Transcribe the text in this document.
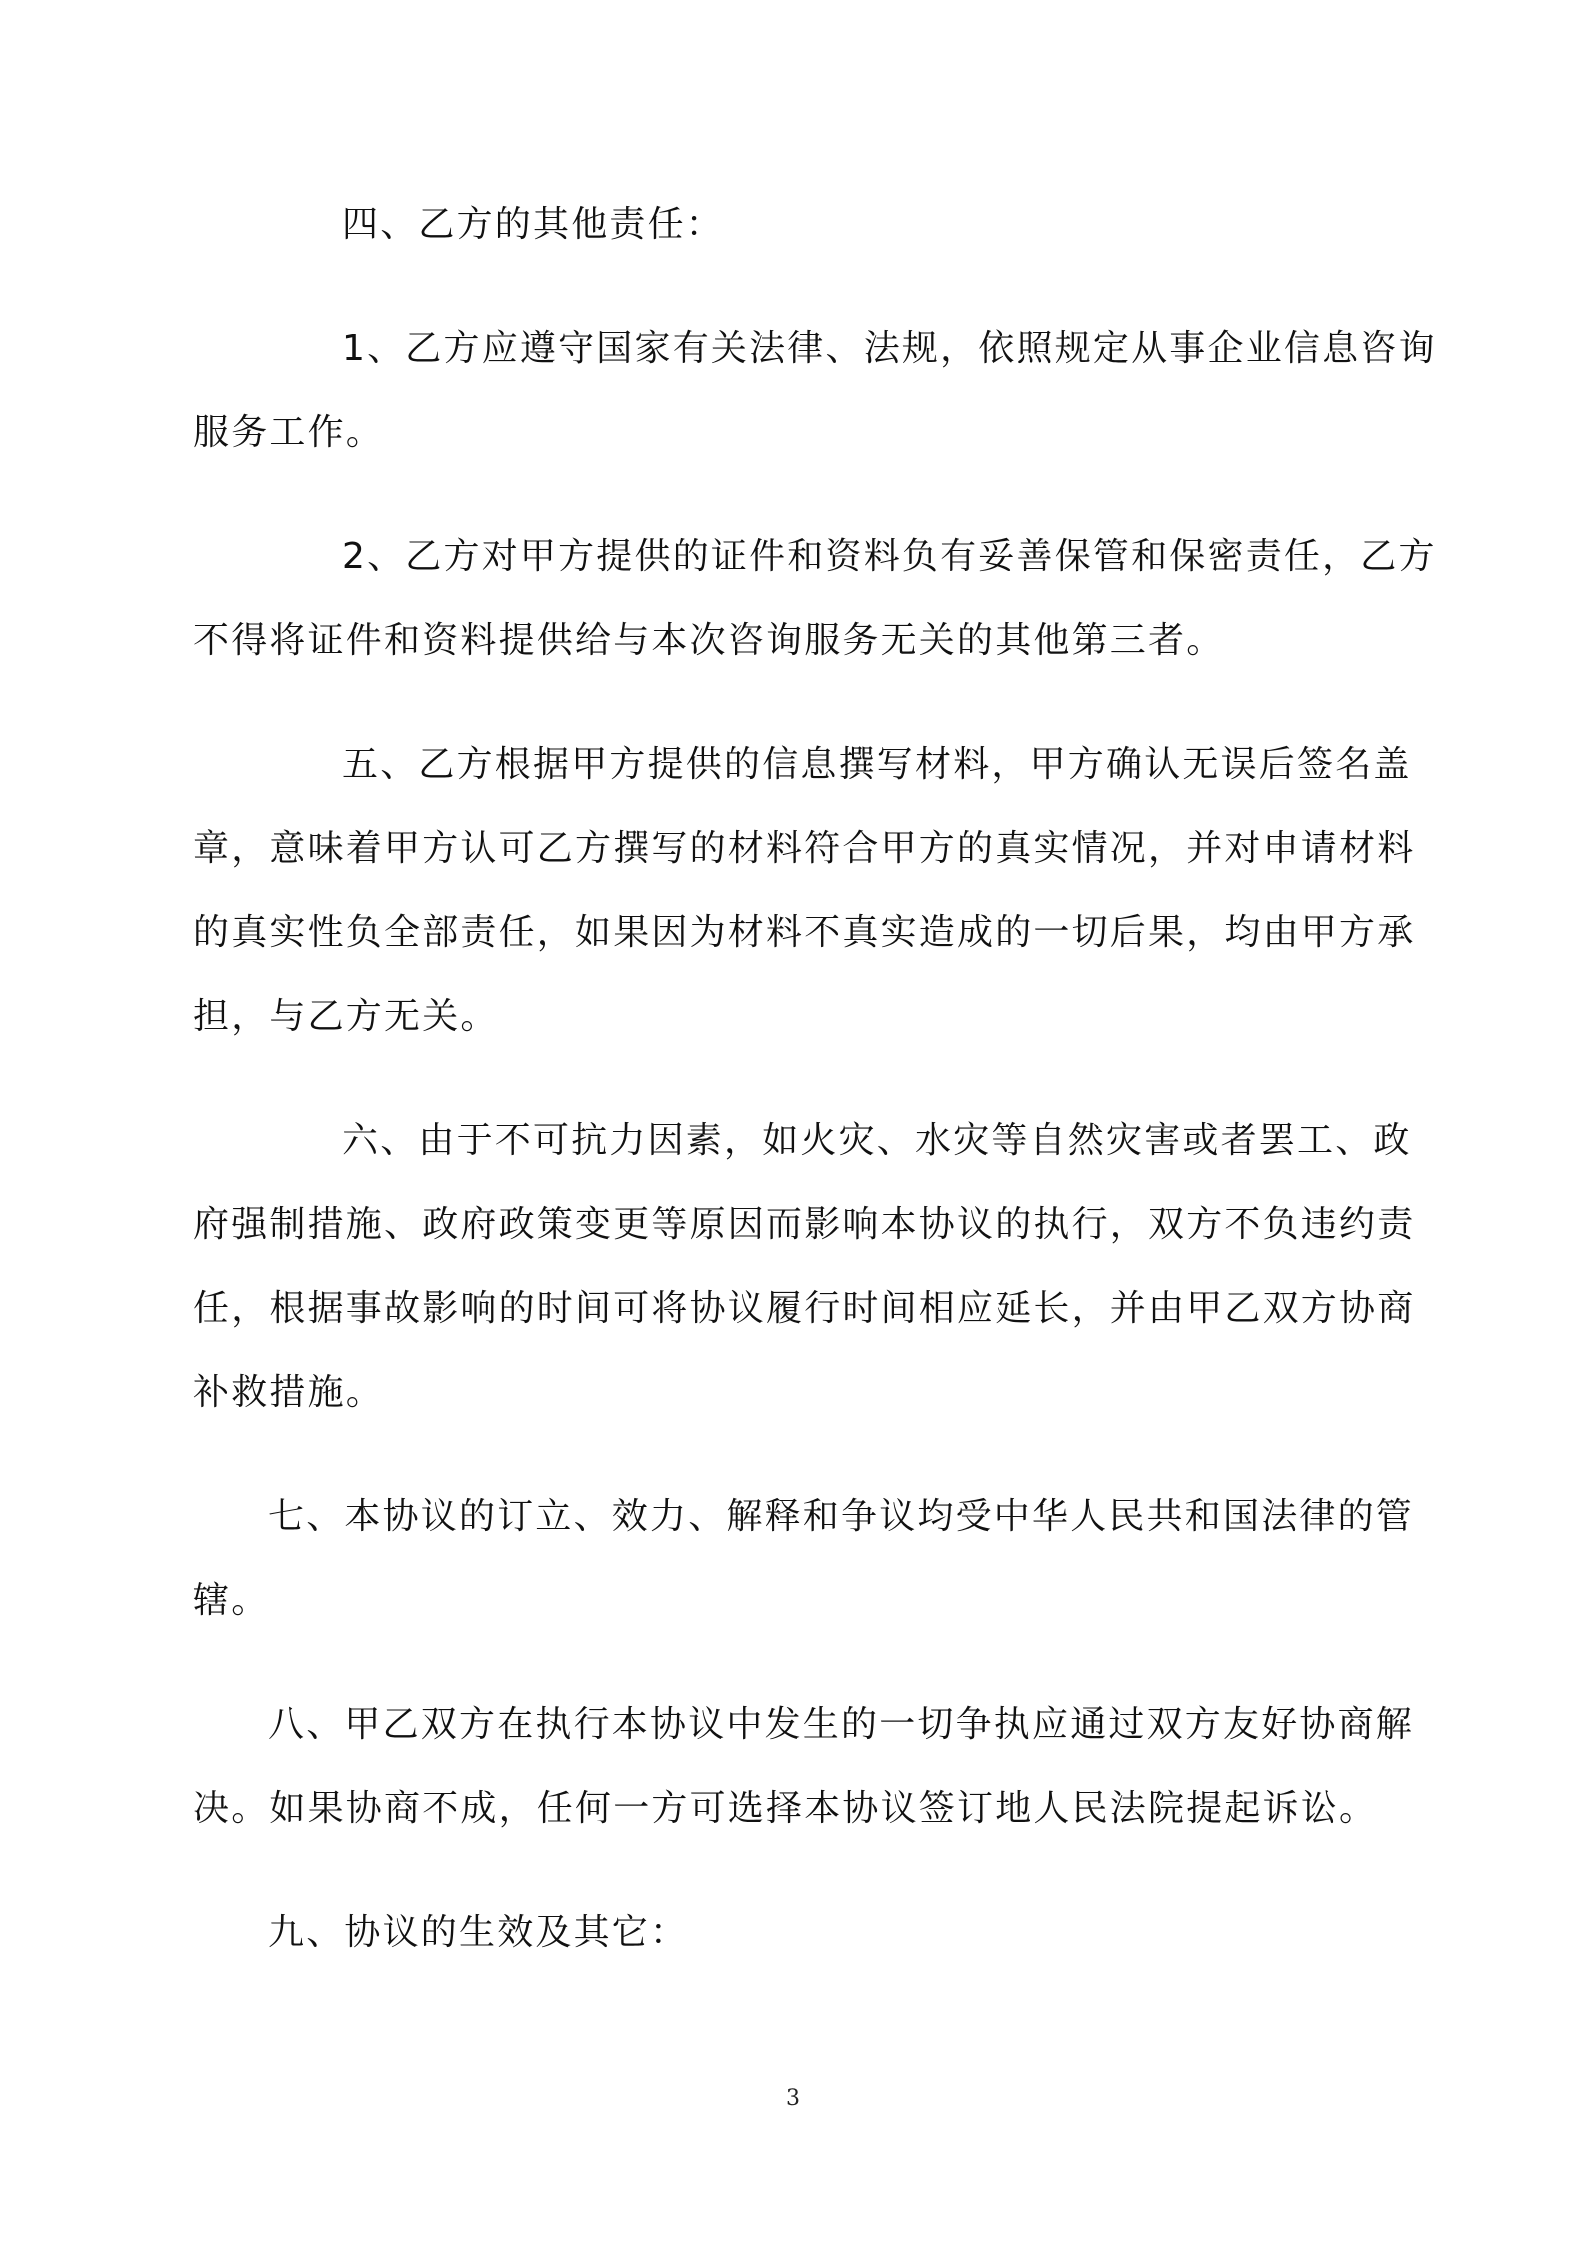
四、乙方的其他责任：
1、乙方应遵守国家有关法律、法规，依照规定从事企业信息咨询
服务工作。
2、乙方对甲方提供的证件和资料负有妥善保管和保密责任，乙方
不得将证件和资料提供给与本次咨询服务无关的其他第三者。
五、乙方根据甲方提供的信息撰写材料，甲方确认无误后签名盖
章，意味着甲方认可乙方撰写的材料符合甲方的真实情况，并对申请材料
的真实性负全部责任，如果因为材料不真实造成的一切后果，均由甲方承
担，与乙方无关。
六、由于不可抗力因素，如火灾、水灾等自然灾害或者罢工、政
府强制措施、政府政策变更等原因而影响本协议的执行，双方不负违约责
任，根据事故影响的时间可将协议履行时间相应延长，并由甲乙双方协商
补救措施。
七、本协议的订立、效力、解释和争议均受中华人民共和国法律的管
辖。
八、甲乙双方在执行本协议中发生的一切争执应通过双方友好协商解
决。如果协商不成，任何一方可选择本协议签订地人民法院提起诉讼。
九、协议的生效及其它：
3
